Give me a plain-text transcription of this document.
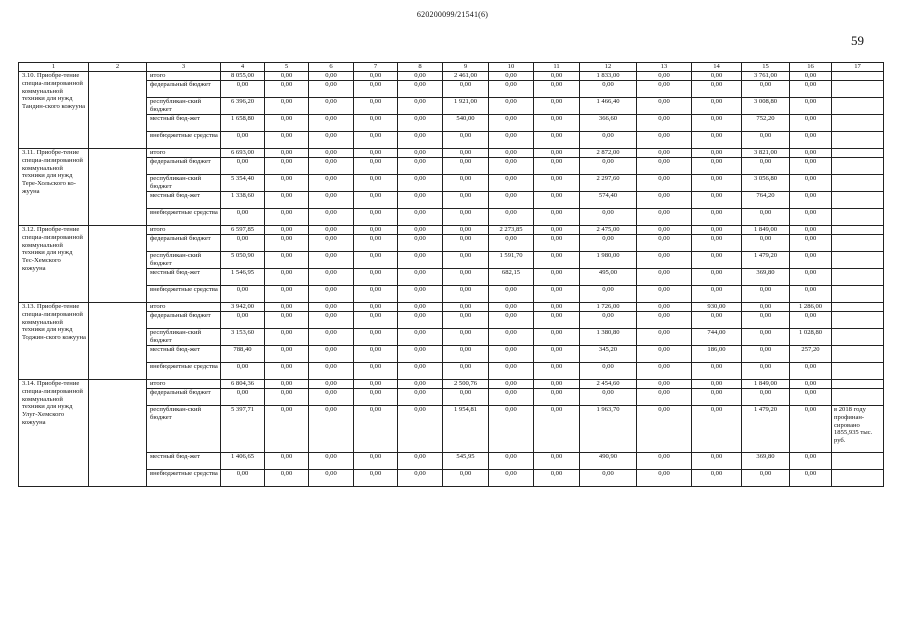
620200099/21541(6)
59
1	2	3	4	5	6	7	8	9	10	11	12	13	14	15	16	17
3.10. Приобре-тение специа-лизированной коммунальной техники для нужд Тандин-ского кожууна		итого	8 055,00	0,00	0,00	0,00	0,00	2 461,00	0,00	0,00	1 833,00	0,00	0,00	3 761,00	0,00	
		федеральный бюджет	0,00	0,00	0,00	0,00	0,00	0,00	0,00	0,00	0,00	0,00	0,00	0,00	0,00	
		республикан-ский бюджет	6 396,20	0,00	0,00	0,00	0,00	1 921,00	0,00	0,00	1 466,40	0,00	0,00	3 008,80	0,00	
		местный бюд-жет	1 658,80	0,00	0,00	0,00	0,00	540,00	0,00	0,00	366,60	0,00	0,00	752,20	0,00	
		внебюджетные средства	0,00	0,00	0,00	0,00	0,00	0,00	0,00	0,00	0,00	0,00	0,00	0,00	0,00	
3.11. Приобре-тение специа-лизированной коммунальной техники для нужд Тере-Хольского ко-жууна		итого	6 693,00	0,00	0,00	0,00	0,00	0,00	0,00	0,00	2 872,00	0,00	0,00	3 821,00	0,00	
		федеральный бюджет	0,00	0,00	0,00	0,00	0,00	0,00	0,00	0,00	0,00	0,00	0,00	0,00	0,00	
		республикан-ский бюджет	5 354,40	0,00	0,00	0,00	0,00	0,00	0,00	0,00	2 297,60	0,00	0,00	3 056,80	0,00	
		местный бюд-жет	1 338,60	0,00	0,00	0,00	0,00	0,00	0,00	0,00	574,40	0,00	0,00	764,20	0,00	
		внебюджетные средства	0,00	0,00	0,00	0,00	0,00	0,00	0,00	0,00	0,00	0,00	0,00	0,00	0,00	
3.12. Приобре-тение специа-лизированной коммунальной техники для нужд Тес-Хемского кожууна		итого	6 597,85	0,00	0,00	0,00	0,00	0,00	2 273,85	0,00	2 475,00	0,00	0,00	1 849,00	0,00	
		федеральный бюджет	0,00	0,00	0,00	0,00	0,00	0,00	0,00	0,00	0,00	0,00	0,00	0,00	0,00	
		республикан-ский бюджет	5 050,90	0,00	0,00	0,00	0,00	0,00	1 591,70	0,00	1 980,00	0,00	0,00	1 479,20	0,00	
		местный бюд-жет	1 546,95	0,00	0,00	0,00	0,00	0,00	682,15	0,00	495,00	0,00	0,00	369,80	0,00	
		внебюджетные средства	0,00	0,00	0,00	0,00	0,00	0,00	0,00	0,00	0,00	0,00	0,00	0,00	0,00	
3.13. Приобре-тение специа-лизированной коммунальной техники для нужд Тоджин-ского кожууна		итого	3 942,00	0,00	0,00	0,00	0,00	0,00	0,00	0,00	1 726,00	0,00	930,00	0,00	1 286,00	
		федеральный бюджет	0,00	0,00	0,00	0,00	0,00	0,00	0,00	0,00	0,00	0,00	0,00	0,00	0,00	
		республикан-ский бюджет	3 153,60	0,00	0,00	0,00	0,00	0,00	0,00	0,00	1 380,80	0,00	744,00	0,00	1 028,80	
		местный бюд-жет	788,40	0,00	0,00	0,00	0,00	0,00	0,00	0,00	345,20	0,00	186,00	0,00	257,20	
		внебюджетные средства	0,00	0,00	0,00	0,00	0,00	0,00	0,00	0,00	0,00	0,00	0,00	0,00	0,00	
3.14. Приобре-тение специа-лизированной коммунальной техники для нужд Улуг-Хемского кожууна		итого	6 804,36	0,00	0,00	0,00	0,00	2 500,76	0,00	0,00	2 454,60	0,00	0,00	1 849,00	0,00	
		федеральный бюджет	0,00	0,00	0,00	0,00	0,00	0,00	0,00	0,00	0,00	0,00	0,00	0,00	0,00	
		республикан-ский бюджет	5 397,71	0,00	0,00	0,00	0,00	1 954,81	0,00	0,00	1 963,70	0,00	0,00	1 479,20	0,00	в 2018 году профинан-сировано 1855,935 тыс. руб.
		местный бюд-жет	1 406,65	0,00	0,00	0,00	0,00	545,95	0,00	0,00	490,90	0,00	0,00	369,80	0,00	
		внебюджетные средства	0,00	0,00	0,00	0,00	0,00	0,00	0,00	0,00	0,00	0,00	0,00	0,00	0,00	
